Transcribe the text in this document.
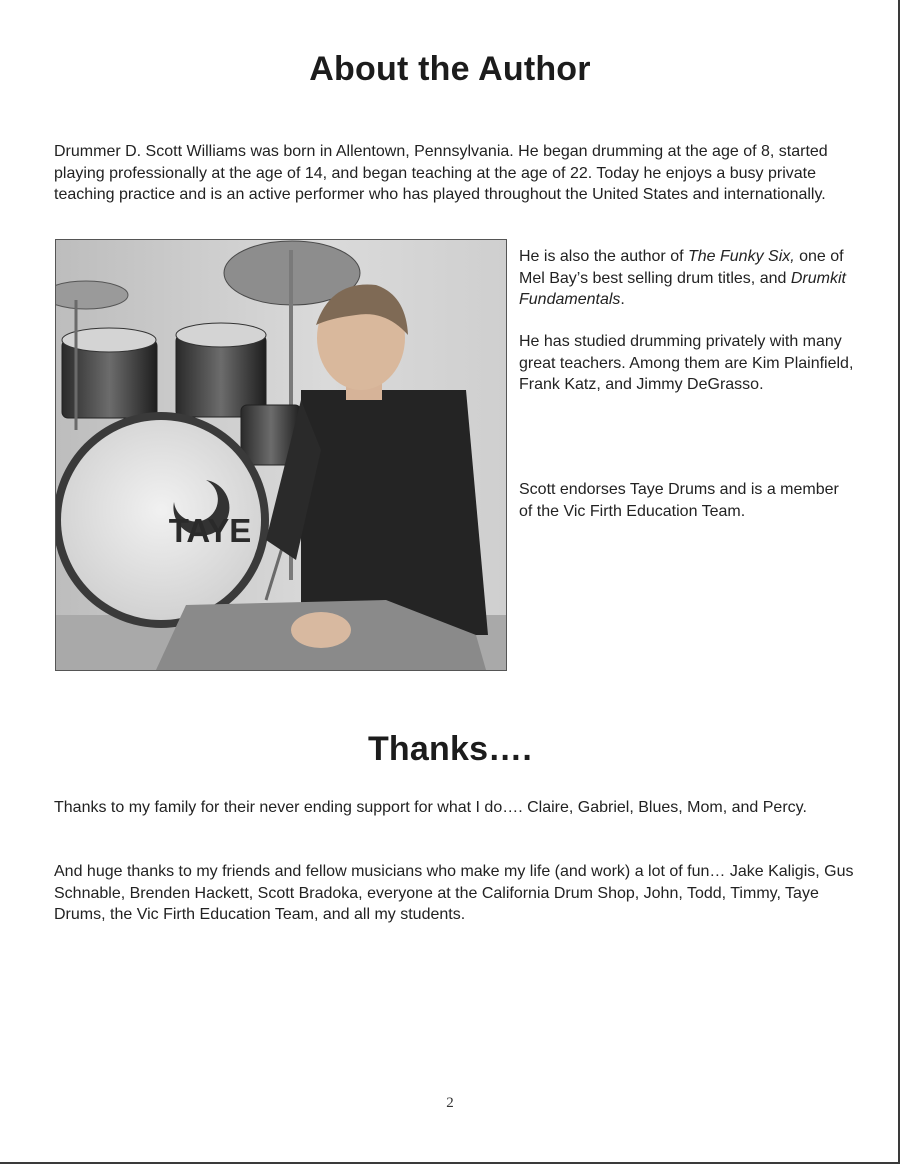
About the Author

Drummer D. Scott Williams was born in Allentown, Pennsylvania. He began drumming at the age of 8, started playing professionally at the age of 14, and began teaching at the age of 22. Today he enjoys a busy private teaching practice and is an active performer who has played throughout the United States and internationally.

TAYE

He is also the author of The Funky Six, one of Mel Bay’s best selling drum titles, and Drumkit Fundamentals.

He has studied drumming privately with many great teachers. Among them are Kim Plainfield, Frank Katz, and Jimmy DeGrasso.

Scott endorses Taye Drums and is a member of the Vic Firth Education Team.

Thanks….

Thanks to my family for their never ending support for what I do…. Claire, Gabriel, Blues, Mom, and Percy.

And huge thanks to my friends and fellow musicians who make my life (and work) a lot of fun… Jake Kaligis, Gus Schnable, Brenden Hackett, Scott Bradoka, everyone at the California Drum Shop, John, Todd, Timmy, Taye Drums, the Vic Firth Education Team, and all my students.

2
